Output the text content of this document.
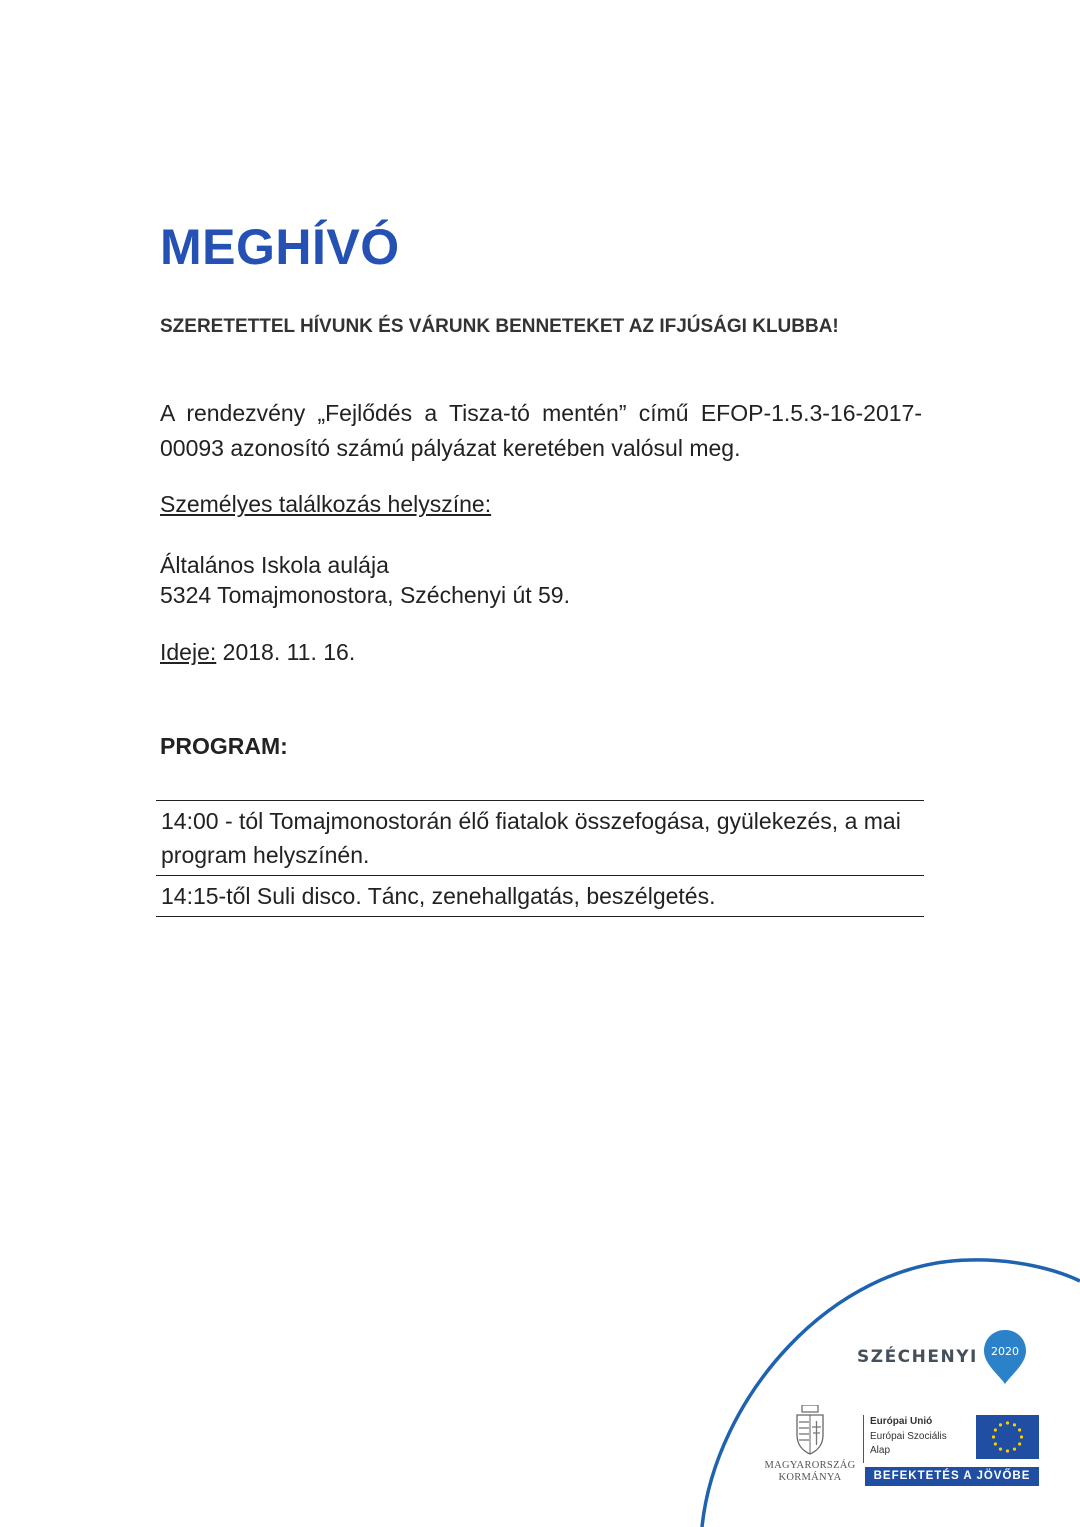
MEGHÍVÓ
SZERETETTEL HÍVUNK ÉS VÁRUNK BENNETEKET AZ IFJÚSÁGI KLUBBA!
A rendezvény „Fejlődés a Tisza-tó mentén” című EFOP-1.5.3-16-2017-00093 azonosító számú pályázat keretében valósul meg.
Személyes találkozás helyszíne:
Általános Iskola aulája
5324 Tomajmonostora, Széchenyi út 59.
Ideje: 2018. 11. 16.
PROGRAM:
14:00 - tól Tomajmonostorán élő fiatalok összefogása, gyülekezés, a mai program helyszínén.
14:15-től Suli disco. Tánc, zenehallgatás, beszélgetés.
SZÉCHENYI 2020
MAGYARORSZÁG
KORMÁNYA
Európai Unió
Európai Szociális
Alap
BEFEKTETÉS A JÖVŐBE
